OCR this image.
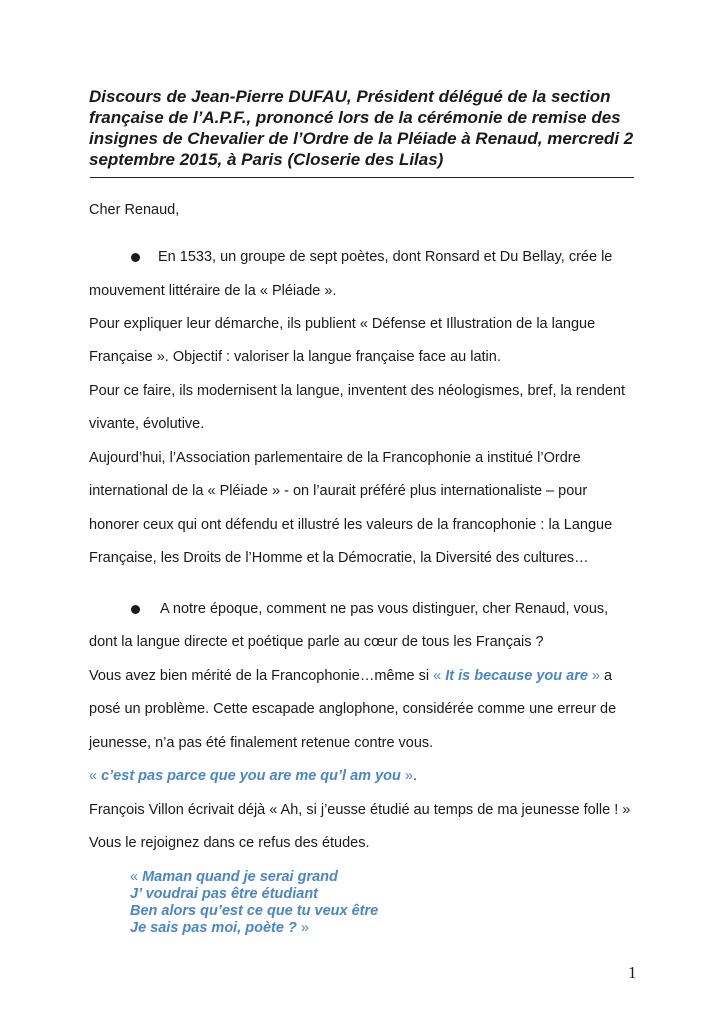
Discours de Jean-Pierre DUFAU, Président délégué de la section française de l’A.P.F., prononcé lors de la cérémonie de remise des insignes de Chevalier de l’Ordre de la Pléiade à Renaud, mercredi 2 septembre 2015, à Paris (Closerie des Lilas)
Cher Renaud,
En 1533, un groupe de sept poètes, dont Ronsard et Du Bellay, crée le
mouvement littéraire de la « Pléiade ».
Pour expliquer leur démarche, ils publient « Défense et Illustration de la langue
Française ». Objectif : valoriser la langue française face au latin.
Pour ce faire, ils modernisent la langue, inventent des néologismes, bref, la rendent
vivante, évolutive.
Aujourd’hui, l’Association parlementaire de la Francophonie a institué l’Ordre
international de la « Pléiade » - on l’aurait préféré plus internationaliste – pour
honorer ceux qui ont défendu et illustré les valeurs de la francophonie : la Langue
Française, les Droits de l’Homme et la Démocratie, la Diversité des cultures…
A notre époque, comment ne pas vous distinguer, cher Renaud, vous,
dont la langue directe et poétique parle au cœur de tous les Français ?
Vous avez bien mérité de la Francophonie…même si « It is because you are » a
posé un problème. Cette escapade anglophone, considérée comme une erreur de
jeunesse, n’a pas été finalement retenue contre vous.
« c’est pas parce que you are me qu’l am you ».
François Villon écrivait déjà « Ah, si j’eusse étudié au temps de ma jeunesse folle ! »
Vous le rejoignez dans ce refus des études.
« Maman quand je serai grand
J’ voudrai pas être étudiant
Ben alors qu’est ce que tu veux être
Je sais pas moi, poète ? »
1
